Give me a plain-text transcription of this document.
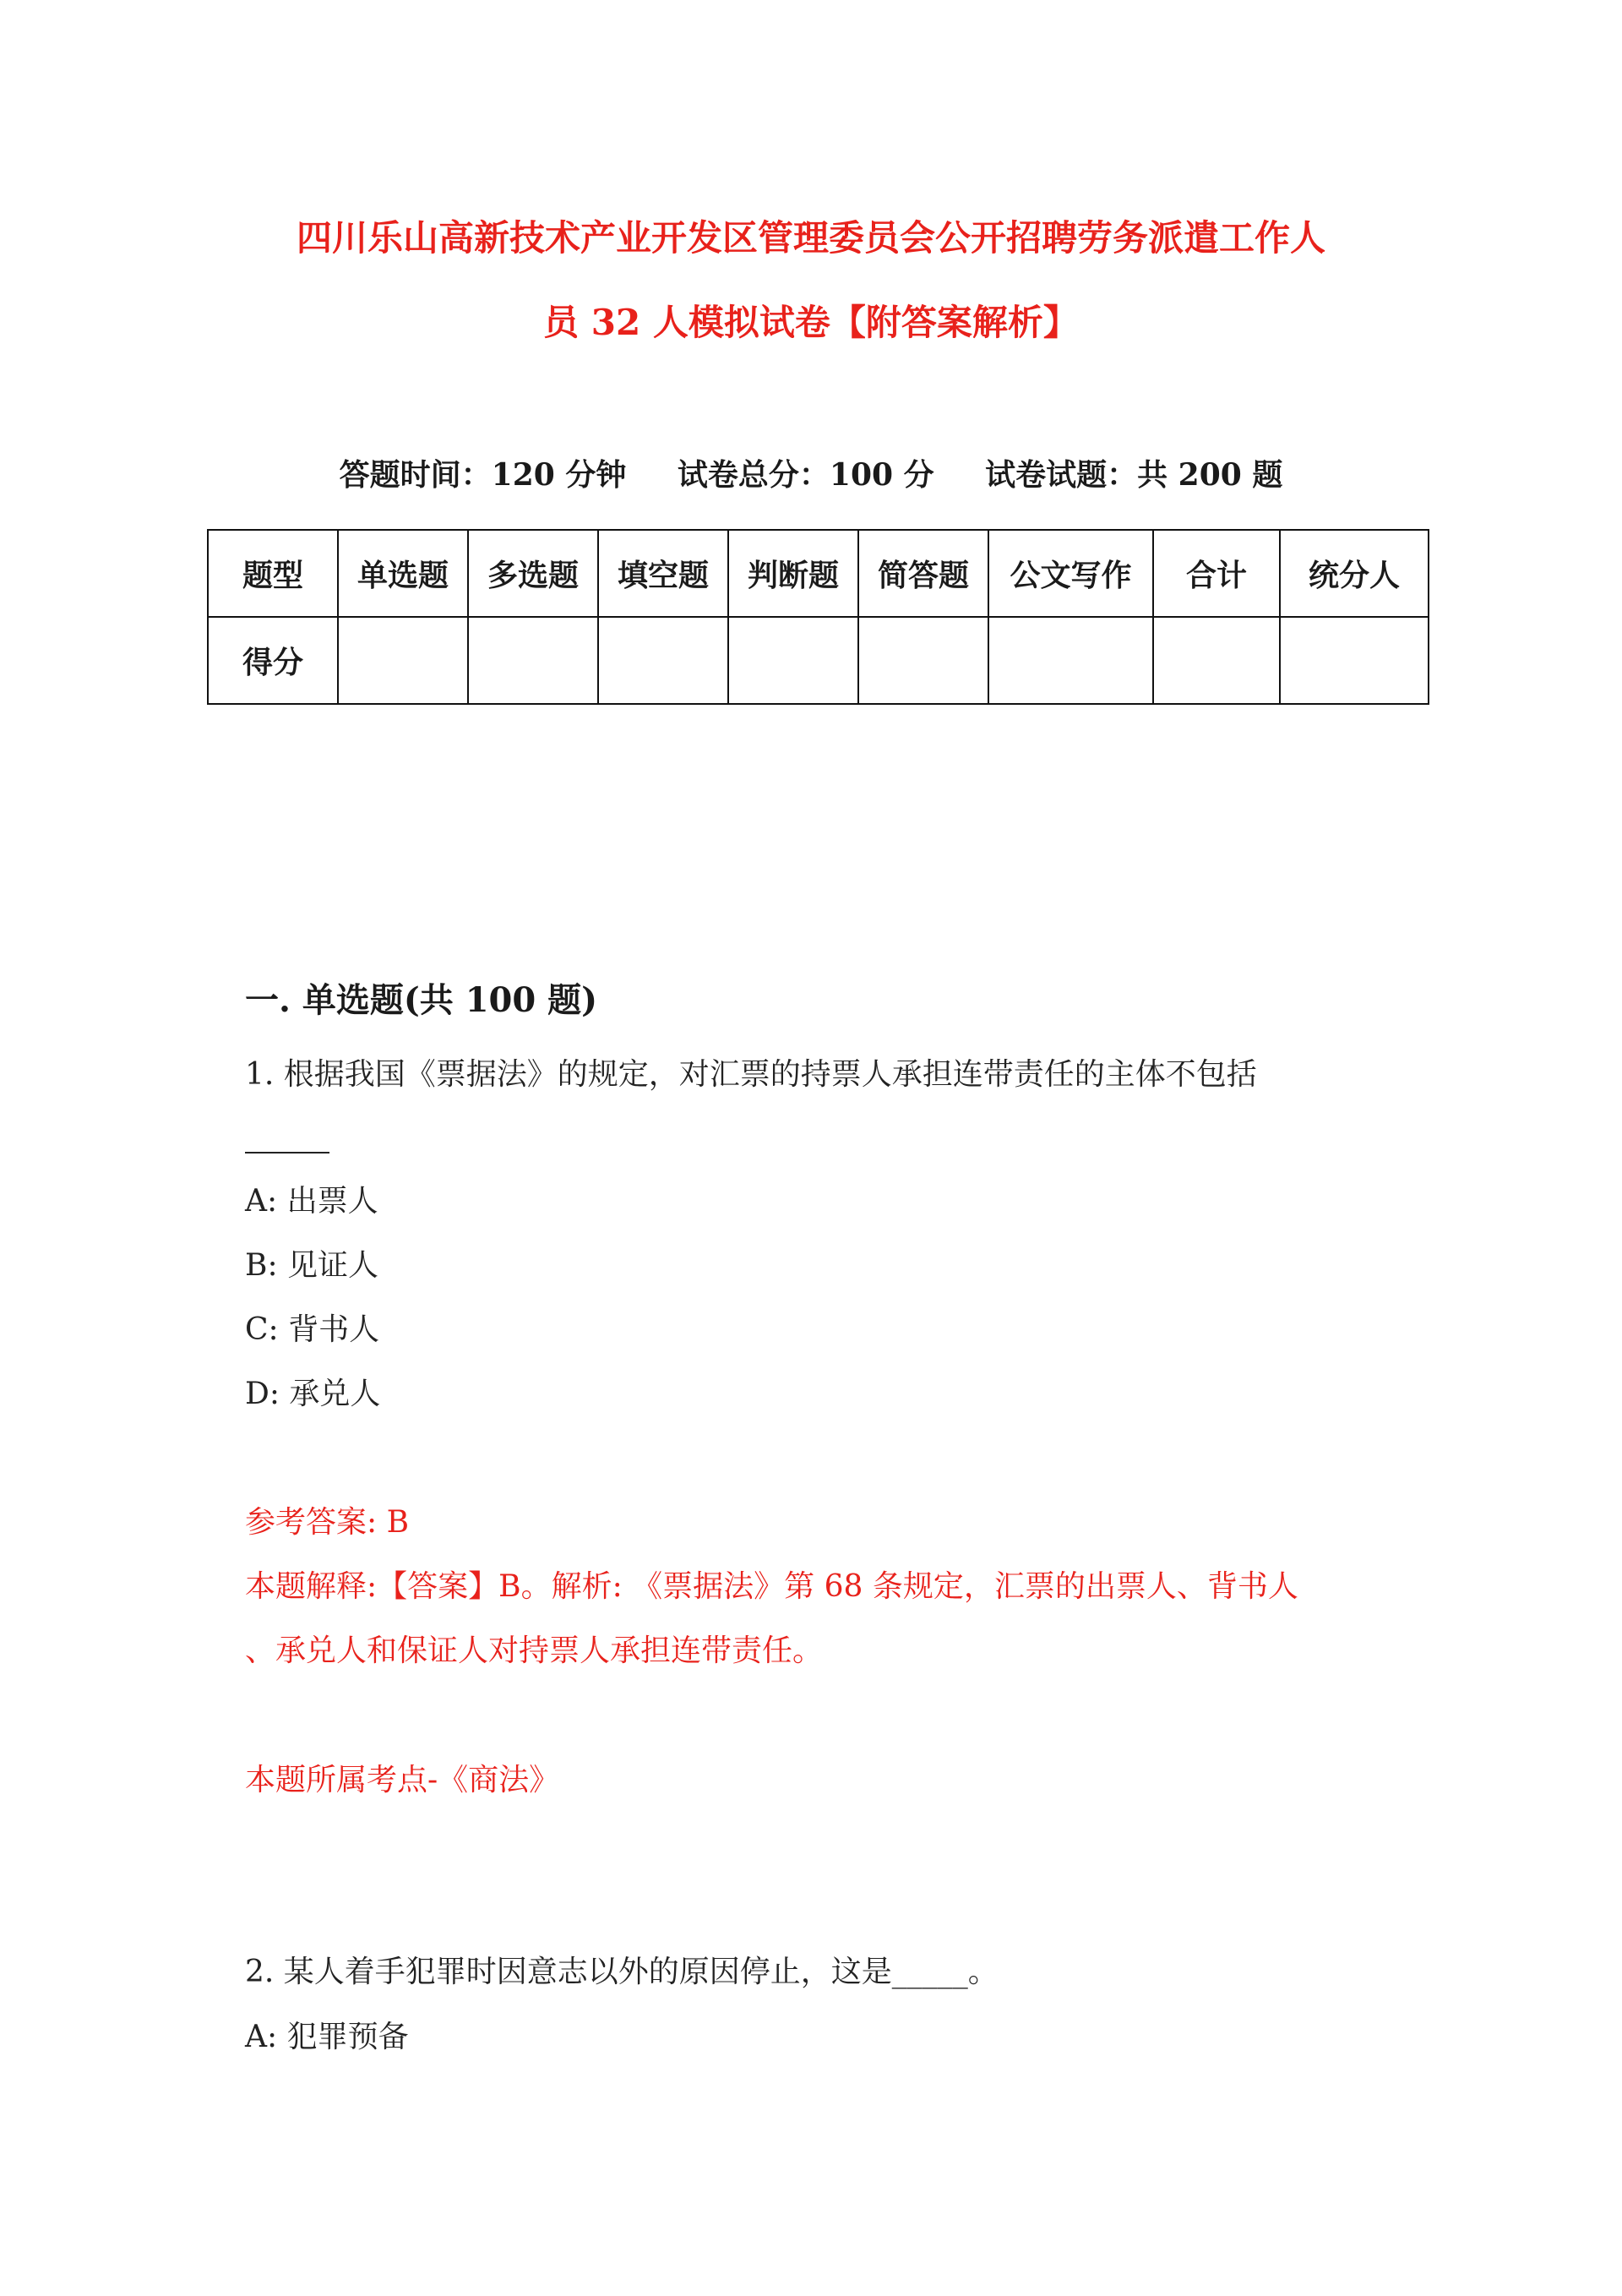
四川乐山高新技术产业开发区管理委员会公开招聘劳务派遣工作人
员 32 人模拟试卷【附答案解析】
答题时间：120 分钟 试卷总分：100 分 试卷试题：共 200 题
题型	单选题	多选题	填空题	判断题	简答题	公文写作	合计	统分人
得分								
一. 单选题(共 100 题)
1. 根据我国《票据法》的规定，对汇票的持票人承担连带责任的主体不包括
A: 出票人
B: 见证人
C: 背书人
D: 承兑人
参考答案: B
本题解释:【答案】B。解析: 《票据法》第 68 条规定，汇票的出票人、背书人
、承兑人和保证人对持票人承担连带责任。
本题所属考点-《商法》
2. 某人着手犯罪时因意志以外的原因停止，这是_____。
A: 犯罪预备
